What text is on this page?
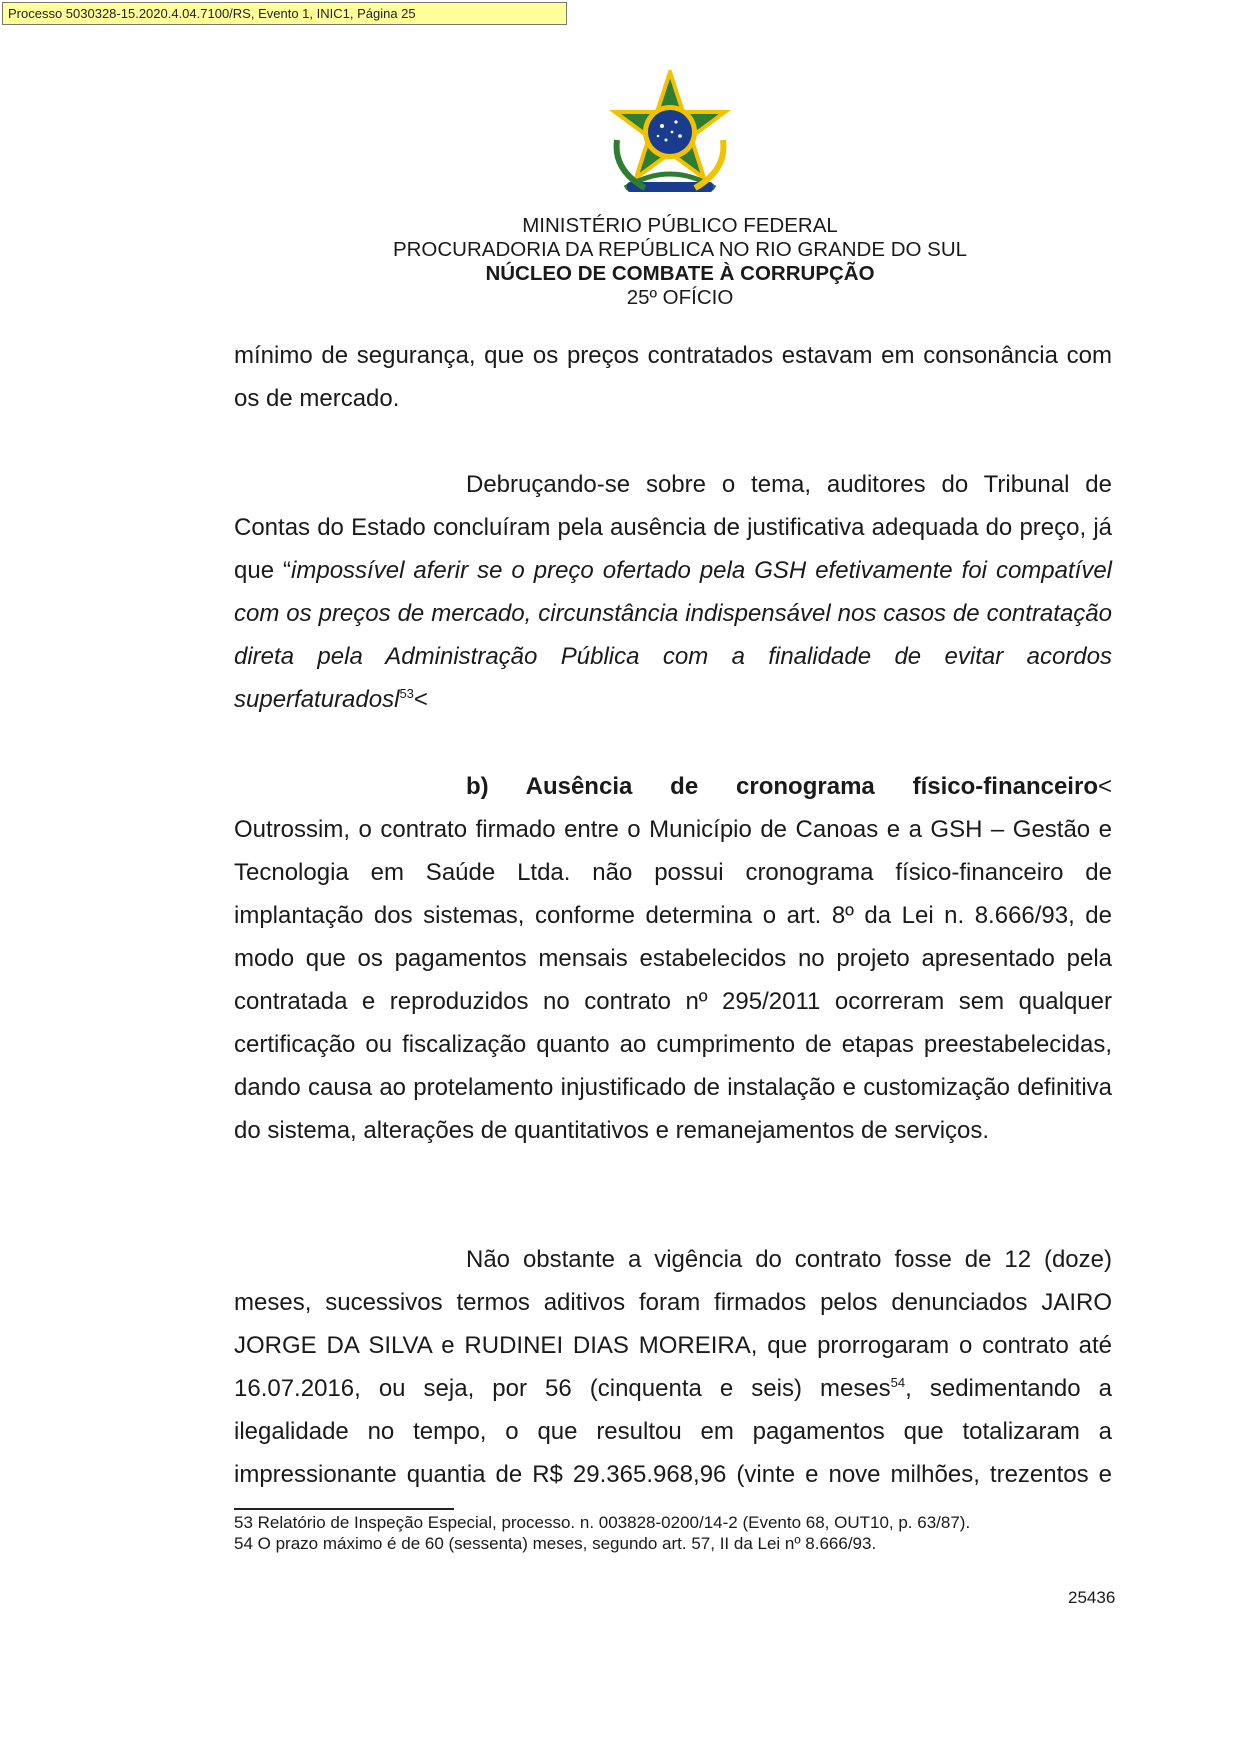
Processo 5030328-15.2020.4.04.7100/RS, Evento 1, INIC1, Página 25
MINISTÉRIO PÚBLICO FEDERAL
PROCURADORIA DA REPÚBLICA NO RIO GRANDE DO SUL
NÚCLEO DE COMBATE À CORRUPÇÃO
25º OFÍCIO

mínimo de segurança, que os preços contratados estavam em consonância com os de mercado.

Debruçando-se sobre o tema, auditores do Tribunal de Contas do Estado concluíram pela ausência de justificativa adequada do preço, já que “impossível aferir se o preço ofertado pela GSH efetivamente foi compatível com os preços de mercado, circunstância indispensável nos casos de contratação direta pela Administração Pública com a finalidade de evitar acordos superfaturadosl$^{53}$<

b) Ausência de cronograma físico-financeiro<

Outrossim, o contrato firmado entre o Município de Canoas e a GSH – Gestão e Tecnologia em Saúde Ltda. não possui cronograma físico-financeiro de implantação dos sistemas, conforme determina o art. 8º da Lei n. 8.666/93, de modo que os pagamentos mensais estabelecidos no projeto apresentado pela contratada e reproduzidos no contrato nº 295/2011 ocorreram sem qualquer certificação ou fiscalização quanto ao cumprimento de etapas preestabelecidas, dando causa ao protelamento injustificado de instalação e customização definitiva do sistema, alterações de quantitativos e remanejamentos de serviços.

Não obstante a vigência do contrato fosse de 12 (doze) meses, sucessivos termos aditivos foram firmados pelos denunciados JAIRO JORGE DA SILVA e RUDINEI DIAS MOREIRA, que prorrogaram o contrato até 16.07.2016, ou seja, por 56 (cinquenta e seis) meses$^{54}$, sedimentando a ilegalidade no tempo, o que resultou em pagamentos que totalizaram a impressionante quantia de R$ 29.365.968,96 (vinte e nove milhões, trezentos e

53 Relatório de Inspeção Especial, processo. n. 003828-0200/14-2 (Evento 68, OUT10, p. 63/87).
54 O prazo máximo é de 60 (sessenta) meses, segundo art. 57, II da Lei nº 8.666/93.
25436
